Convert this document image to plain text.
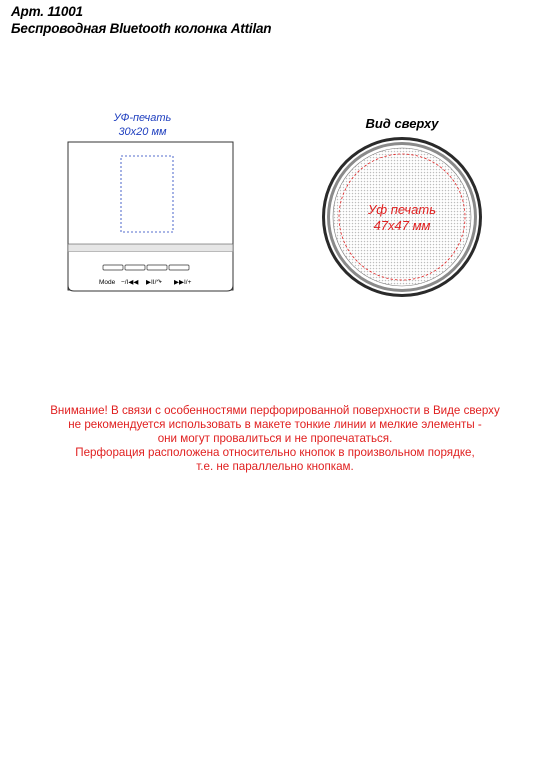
Арт. 11001
Беспроводная Bluetooth колонка Attilan
УФ-печать
30х20 мм
Вид сверху
Mode −/I◀◀ ▶II/↷ ▶▶I/+
Уф печать
47х47 мм
Внимание! В связи с особенностями перфорированной поверхности в Виде сверху
не рекомендуется использовать в макете тонкие линии и мелкие элементы -
они могут провалиться и не пропечататься.
Перфорация расположена относительно кнопок в произвольном порядке,
т.е. не параллельно кнопкам.
